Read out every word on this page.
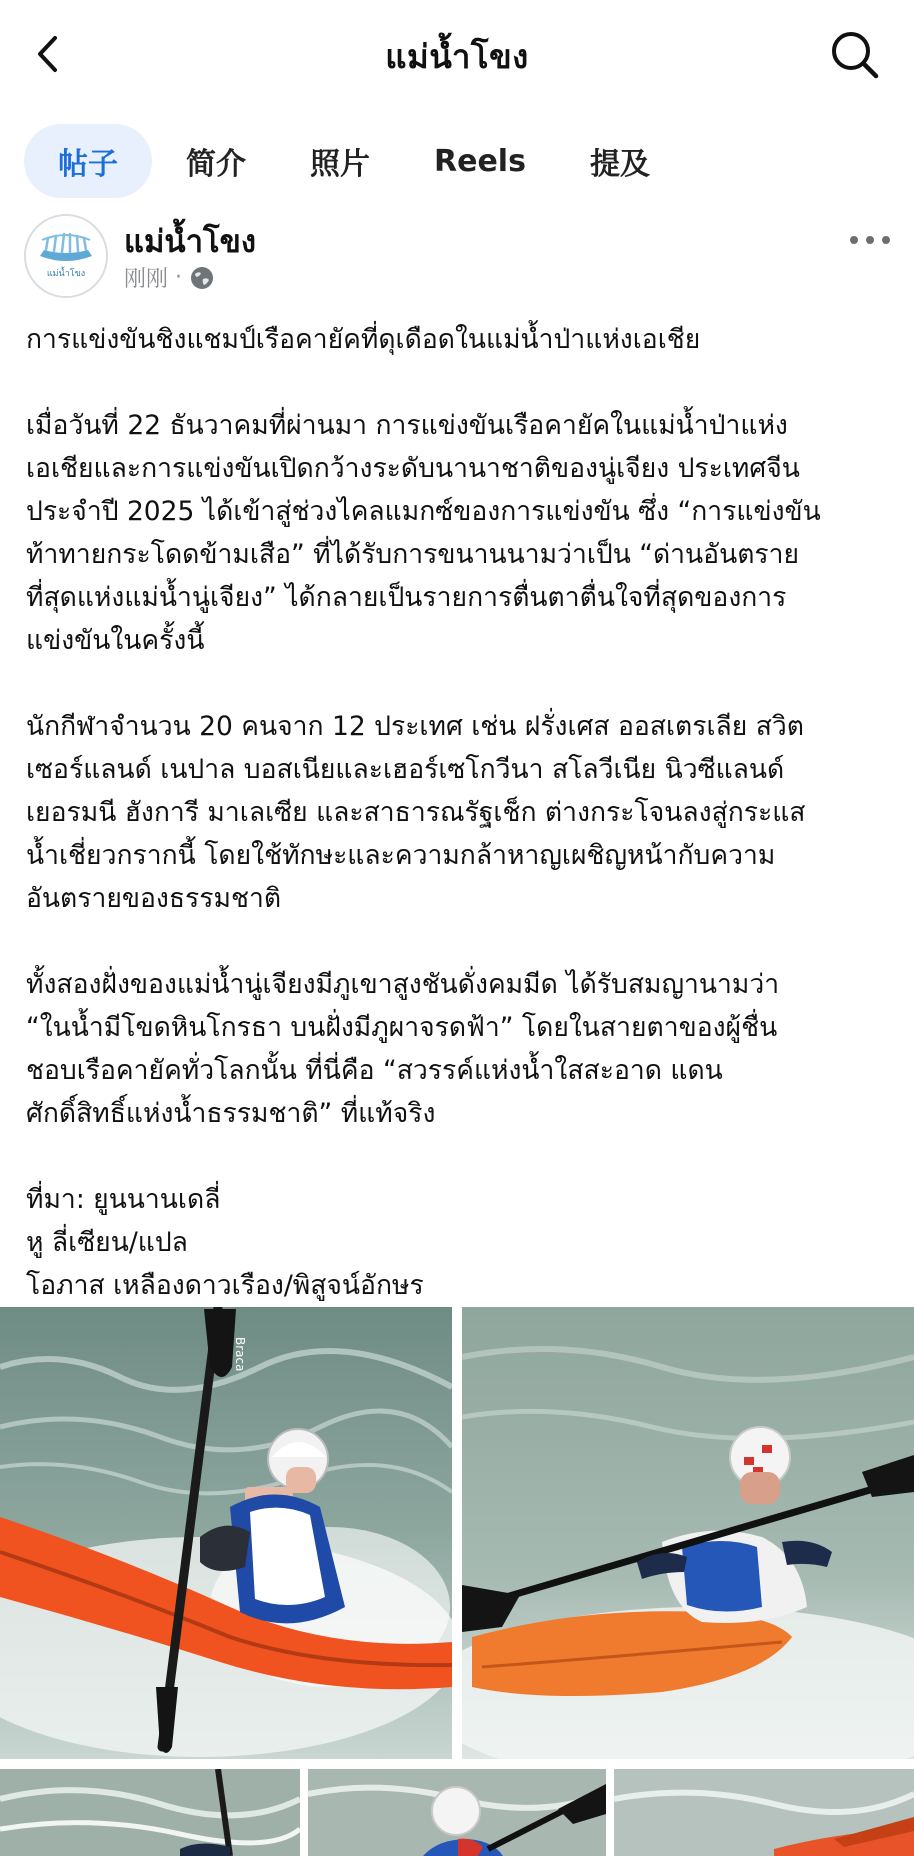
แม่น้ำโขง
帖子	简介	照片	Reels	提及
แม่น้ำโขง
แม่น้ำโขง
刚刚 ·

การแข่งขันชิงแชมป์เรือคายัคที่ดุเดือดในแม่น้ำป่าแห่งเอเชีย

เมื่อวันที่ 22 ธันวาคมที่ผ่านมา การแข่งขันเรือคายัคในแม่น้ำป่าแห่ง
เอเชียและการแข่งขันเปิดกว้างระดับนานาชาติของนู่เจียง ประเทศจีน
ประจำปี 2025 ได้เข้าสู่ช่วงไคลแมกซ์ของการแข่งขัน ซึ่ง “การแข่งขัน
ท้าทายกระโดดข้ามเสือ” ที่ได้รับการขนานนามว่าเป็น “ด่านอันตราย
ที่สุดแห่งแม่น้ำนู่เจียง” ได้กลายเป็นรายการตื่นตาตื่นใจที่สุดของการ
แข่งขันในครั้งนี้

นักกีฬาจำนวน 20 คนจาก 12 ประเทศ เช่น ฝรั่งเศส ออสเตรเลีย สวิต
เซอร์แลนด์ เนปาล บอสเนียและเฮอร์เซโกวีนา สโลวีเนีย นิวซีแลนด์
เยอรมนี ฮังการี มาเลเซีย และสาธารณรัฐเช็ก ต่างกระโจนลงสู่กระแส
น้ำเชี่ยวกรากนี้ โดยใช้ทักษะและความกล้าหาญเผชิญหน้ากับความ
อันตรายของธรรมชาติ

ทั้งสองฝั่งของแม่น้ำนู่เจียงมีภูเขาสูงชันดั่งคมมีด ได้รับสมญานามว่า
“ในน้ำมีโขดหินโกรธา บนฝั่งมีภูผาจรดฟ้า” โดยในสายตาของผู้ชื่น
ชอบเรือคายัคทั่วโลกนั้น ที่นี่คือ “สวรรค์แห่งน้ำใสสะอาด แดน
ศักดิ์สิทธิ์แห่งน้ำธรรมชาติ” ที่แท้จริง

ที่มา: ยูนนานเดลี่
หู ลี่เซียน/แปล
โอภาส เหลืองดาวเรือง/พิสูจน์อักษร

Braca
